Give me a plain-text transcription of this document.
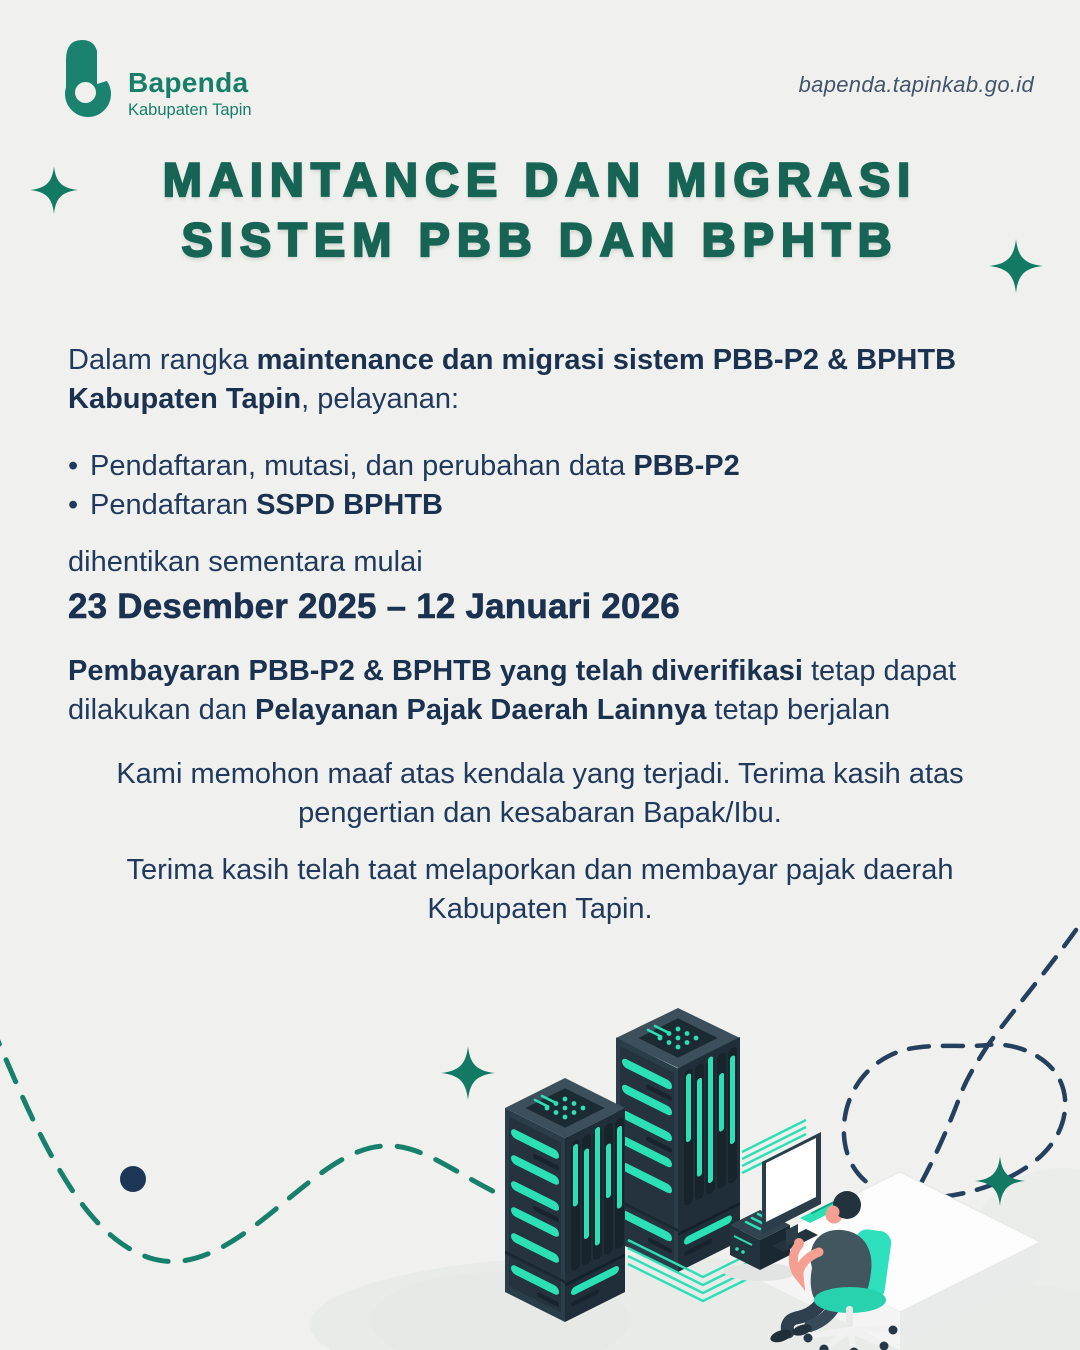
Bapenda
Kabupaten Tapin
bapenda.tapinkab.go.id
MAINTANCE DAN MIGRASI
SISTEM PBB DAN BPHTB
Dalam rangka maintenance dan migrasi sistem PBB-P2 & BPHTB Kabupaten Tapin, pelayanan:
• Pendaftaran, mutasi, dan perubahan data PBB-P2
• Pendaftaran SSPD BPHTB
dihentikan sementara mulai
23 Desember 2025 – 12 Januari 2026
Pembayaran PBB-P2 & BPHTB yang telah diverifikasi tetap dapat dilakukan dan Pelayanan Pajak Daerah Lainnya tetap berjalan
Kami memohon maaf atas kendala yang terjadi. Terima kasih atas pengertian dan kesabaran Bapak/Ibu.
Terima kasih telah taat melaporkan dan membayar pajak daerah Kabupaten Tapin.
